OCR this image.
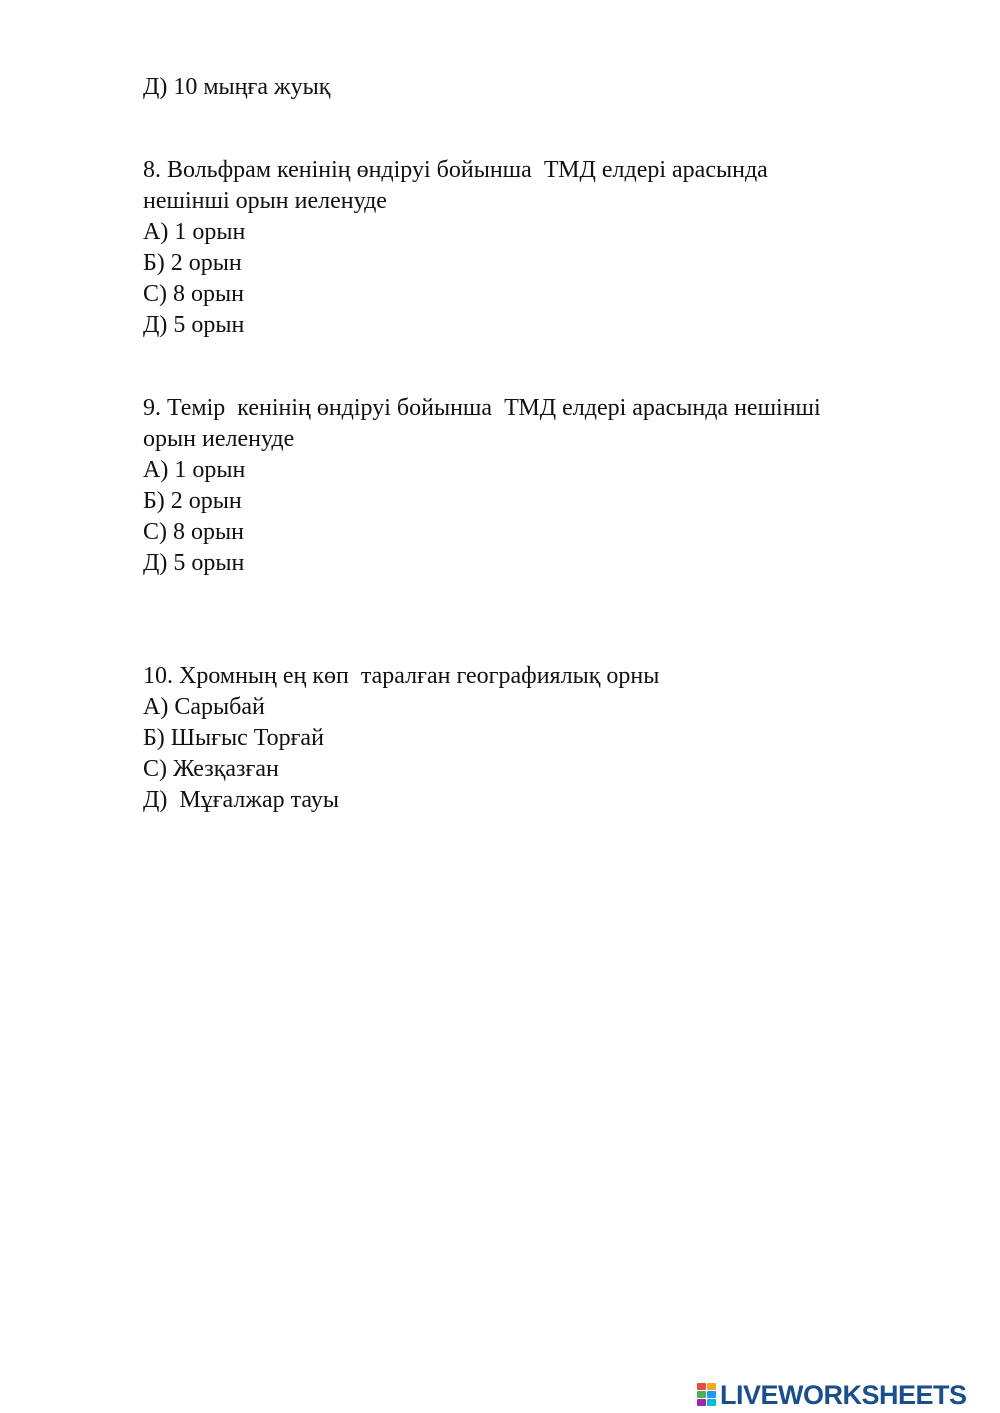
Д) 10 мыңға жуық
8. Вольфрам кенінің өндіруі бойынша  ТМД елдері арасында
нешінші орын иеленуде
А) 1 орын
Б) 2 орын
С) 8 орын
Д) 5 орын
9. Темір  кенінің өндіруі бойынша  ТМД елдері арасында нешінші
орын иеленуде
А) 1 орын
Б) 2 орын
С) 8 орын
Д) 5 орын
10. Хромның ең көп  таралған географиялық орны
А) Сарыбай
Б) Шығыс Торғай
С) Жезқазған
Д)  Мұғалжар тауы
LIVEWORKSHEETS
